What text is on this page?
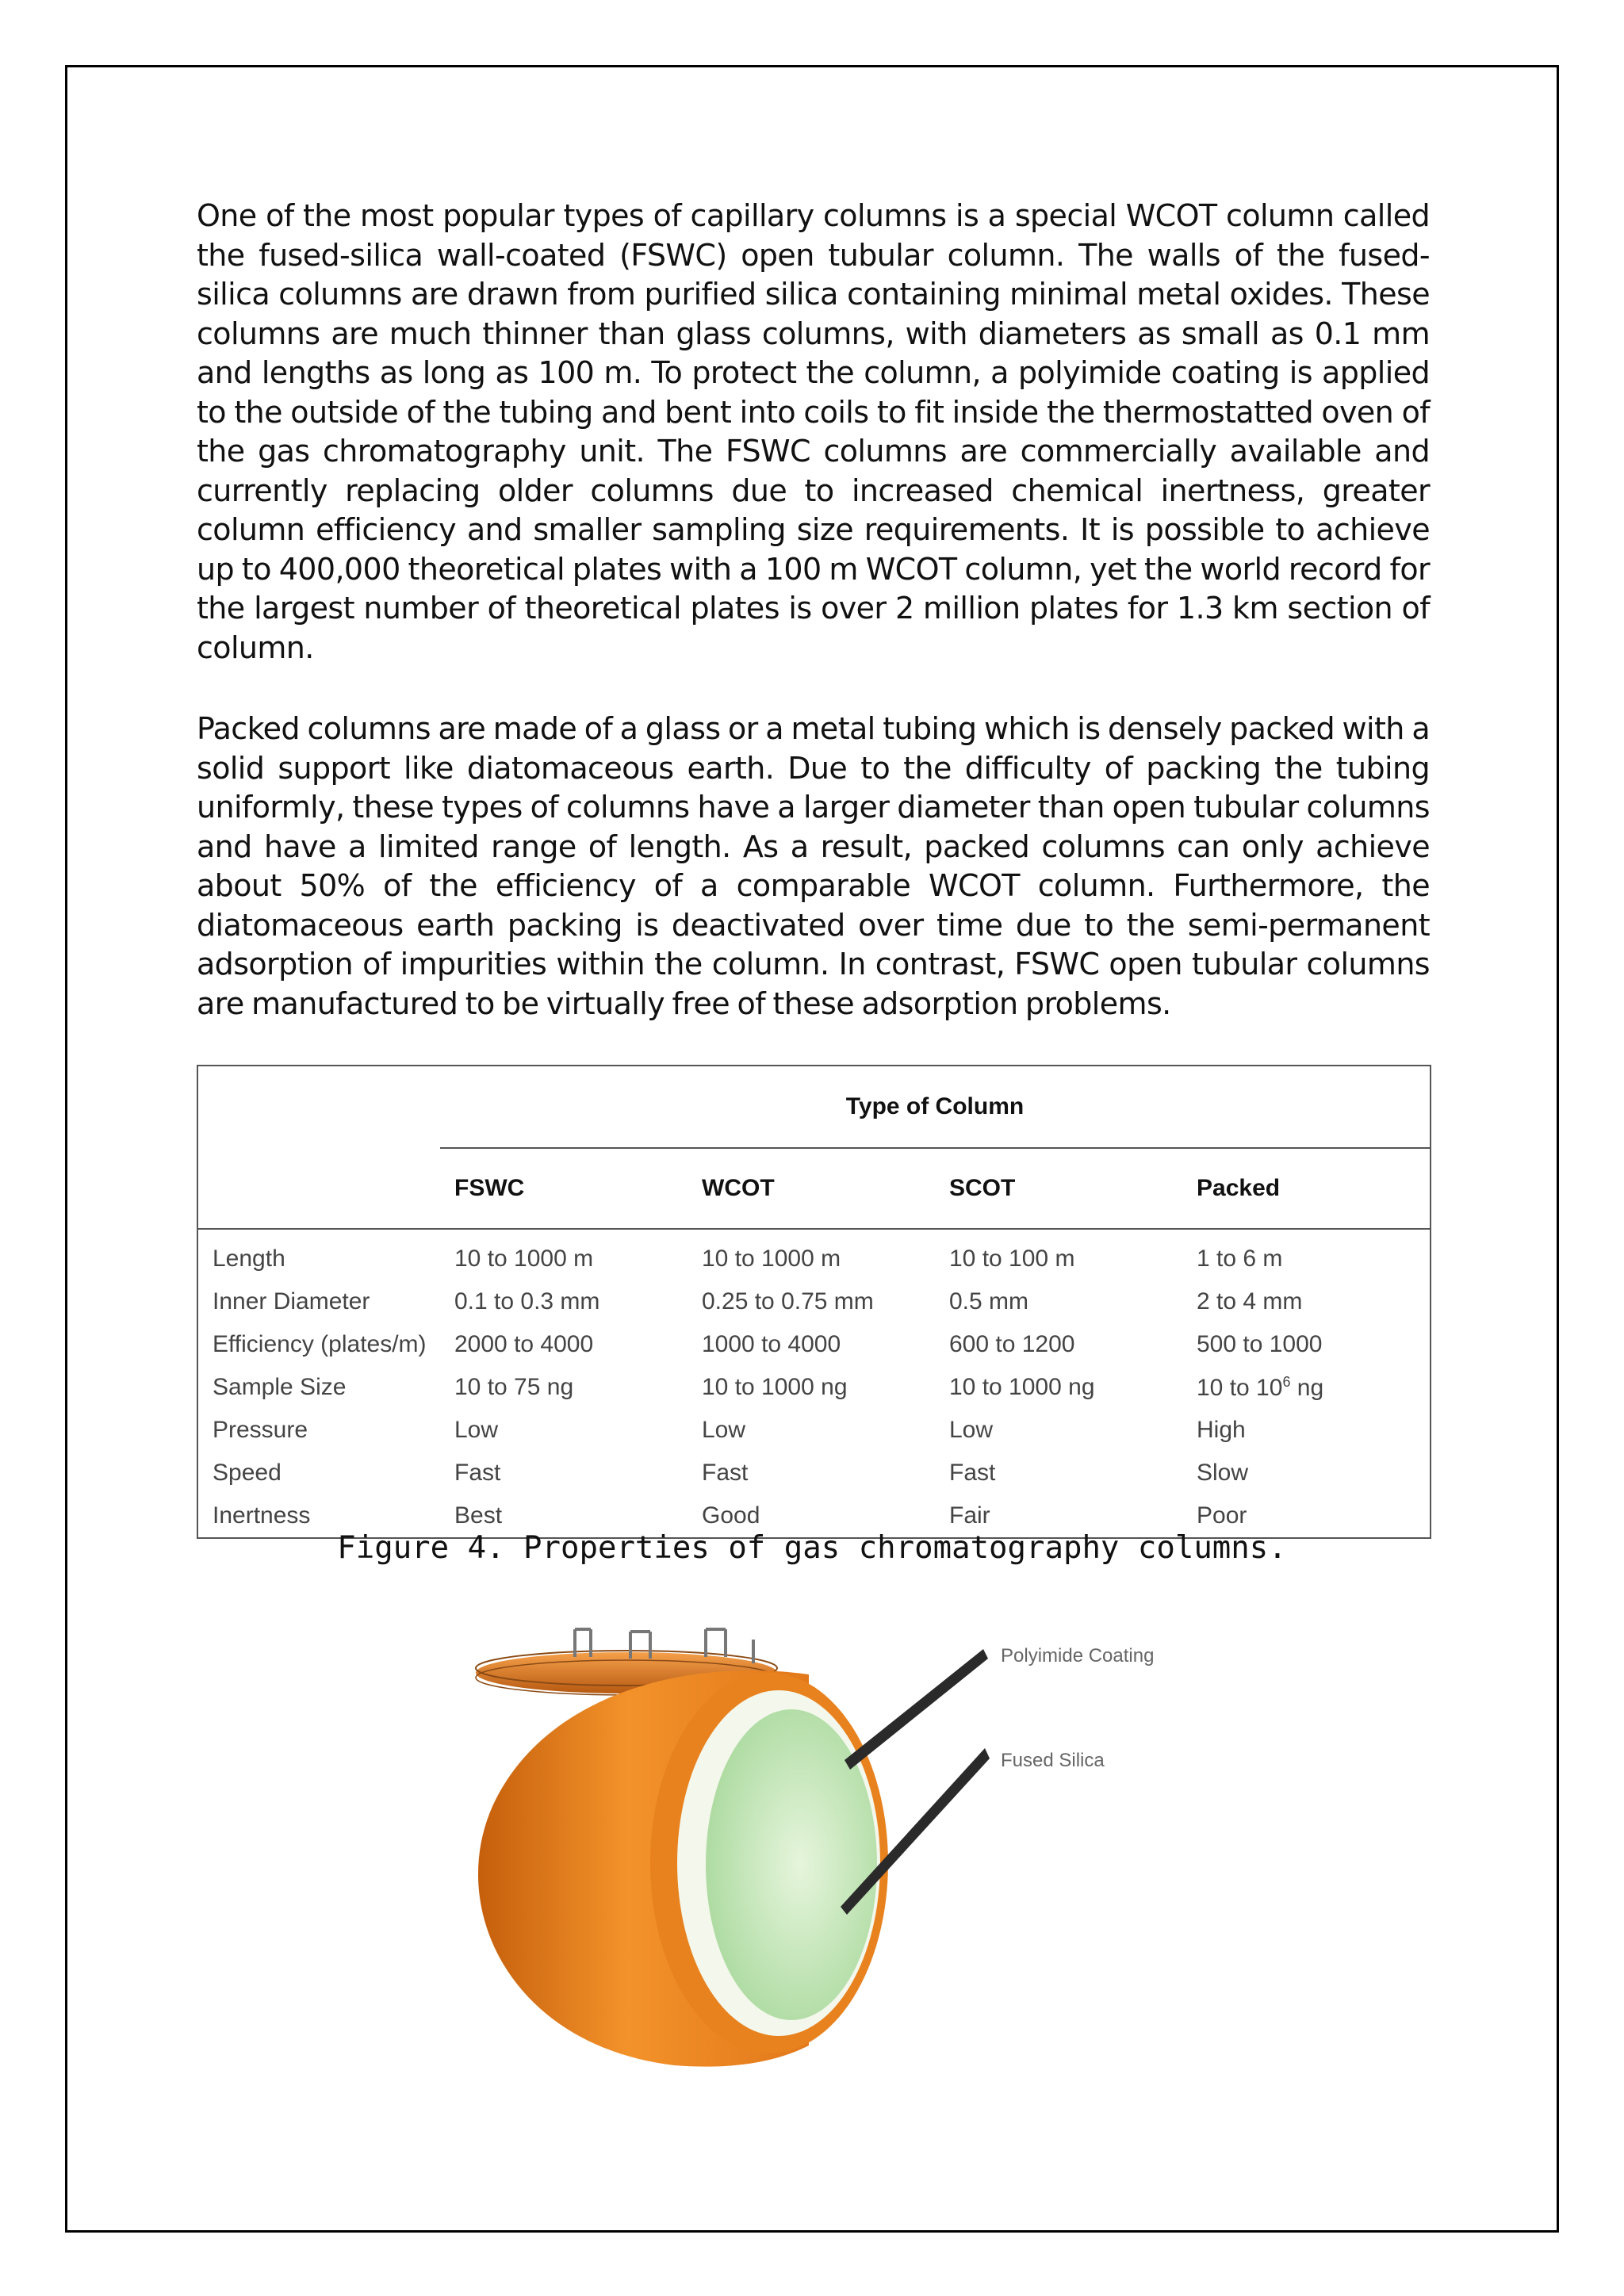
One of the most popular types of capillary columns is a special WCOT column called the fused-silica wall-coated (FSWC) open tubular column. The walls of the fused-silica columns are drawn from purified silica containing minimal metal oxides. These columns are much thinner than glass columns, with diameters as small as 0.1 mm and lengths as long as 100 m. To protect the column, a polyimide coating is applied to the outside of the tubing and bent into coils to fit inside the thermostatted oven of the gas chromatography unit. The FSWC columns are commercially available and currently replacing older columns due to increased chemical inertness, greater column efficiency and smaller sampling size requirements. It is possible to achieve up to 400,000 theoretical plates with a 100 m WCOT column, yet the world record for the largest number of theoretical plates is over 2 million plates for 1.3 km section of column.

Packed columns are made of a glass or a metal tubing which is densely packed with a solid support like diatomaceous earth. Due to the difficulty of packing the tubing uniformly, these types of columns have a larger diameter than open tubular columns and have a limited range of length. As a result, packed columns can only achieve about 50% of the efficiency of a comparable WCOT column. Furthermore, the diatomaceous earth packing is deactivated over time due to the semi-permanent adsorption of impurities within the column. In contrast, FSWC open tubular columns are manufactured to be virtually free of these adsorption problems.

	Type of Column			
	FSWC	WCOT	SCOT	Packed
Length	10 to 1000 m	10 to 1000 m	10 to 100 m	1 to 6 m
Inner Diameter	0.1 to 0.3 mm	0.25 to 0.75 mm	0.5 mm	2 to 4 mm
Efficiency (plates/m)	2000 to 4000	1000 to 4000	600 to 1200	500 to 1000
Sample Size	10 to 75 ng	10 to 1000 ng	10 to 1000 ng	10 to $10^6$ ng
Pressure	Low	Low	Low	High
Speed	Fast	Fast	Fast	Slow
Inertness	Best	Good	Fair	Poor

Figure 4. Properties of gas chromatography columns.

Polyimide Coating
Fused Silica
